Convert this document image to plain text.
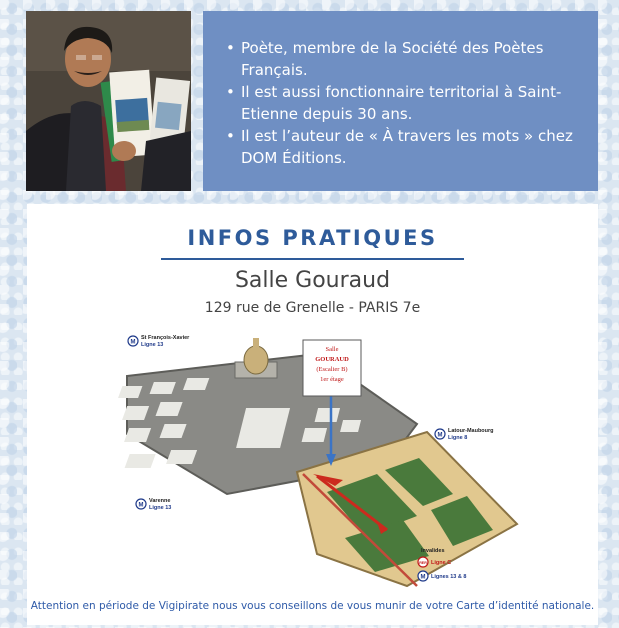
• Poète, membre de la Société des Poètes Français.
• Il est aussi fonctionnaire territorial à Saint-Etienne depuis 30 ans.
• Il est l’auteur de « À travers les mots » chez DOM Éditions.
INFOS PRATIQUES
Salle Gouraud
129 rue de Grenelle - PARIS 7e
Salle
GOURAUD
(Escalier B)
1er étage
M
St François-Xavier
Ligne 13
M
Latour-Maubourg
Ligne 8
M
Varenne
Ligne 13
Invalides
RER Ligne C
M Lignes 13 & 8
Attention en période de Vigipirate nous vous conseillons de vous munir de votre Carte d’identité nationale.
